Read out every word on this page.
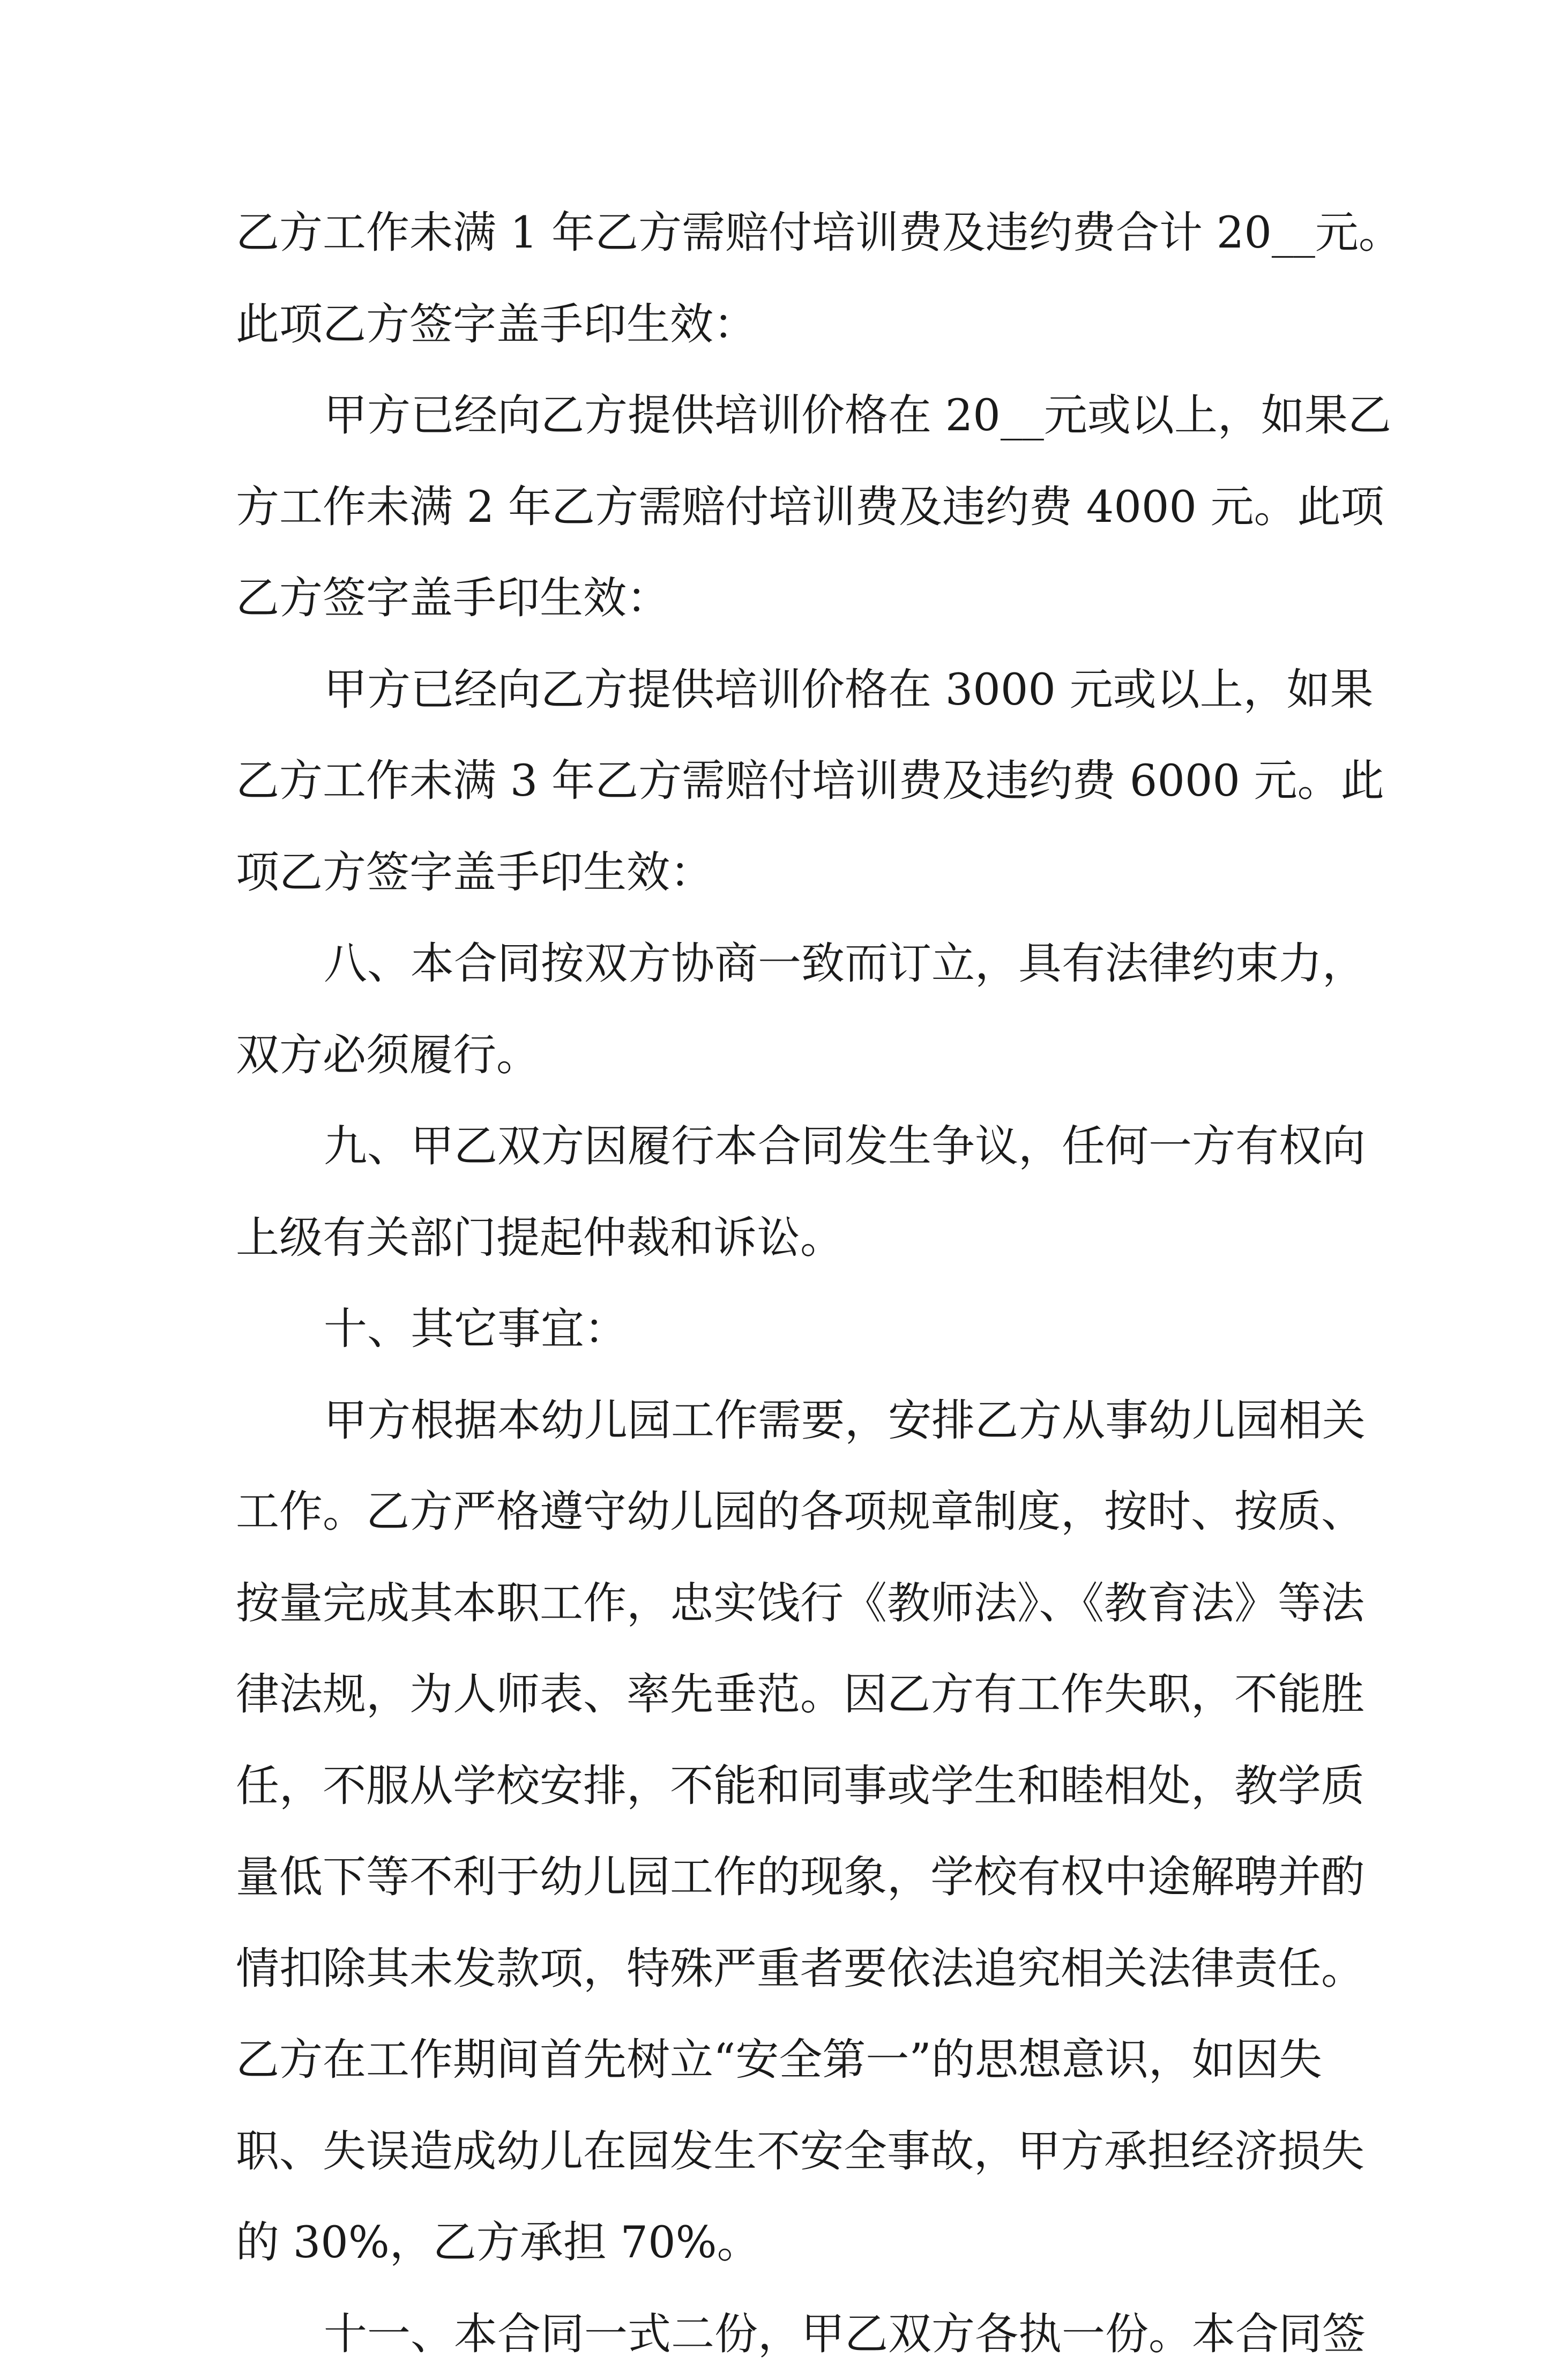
乙方工作未满 1 年乙方需赔付培训费及违约费合计 20__元。
此项乙方签字盖手印生效：
甲方已经向乙方提供培训价格在 20__元或以上，如果乙
方工作未满 2 年乙方需赔付培训费及违约费 4000 元。此项
乙方签字盖手印生效：
甲方已经向乙方提供培训价格在 3000 元或以上，如果
乙方工作未满 3 年乙方需赔付培训费及违约费 6000 元。此
项乙方签字盖手印生效：
八、本合同按双方协商一致而订立，具有法律约束力，
双方必须履行。
九、甲乙双方因履行本合同发生争议，任何一方有权向
上级有关部门提起仲裁和诉讼。
十、其它事宜：
甲方根据本幼儿园工作需要，安排乙方从事幼儿园相关
工作。乙方严格遵守幼儿园的各项规章制度，按时、按质、
按量完成其本职工作，忠实饯行《教师法》、《教育法》等法
律法规，为人师表、率先垂范。因乙方有工作失职，不能胜
任，不服从学校安排，不能和同事或学生和睦相处，教学质
量低下等不利于幼儿园工作的现象，学校有权中途解聘并酌
情扣除其未发款项，特殊严重者要依法追究相关法律责任。
乙方在工作期间首先树立“安全第一”的思想意识，如因失
职、失误造成幼儿在园发生不安全事故，甲方承担经济损失
的 30%，乙方承担 70%。
十一、本合同一式二份，甲乙双方各执一份。本合同签
